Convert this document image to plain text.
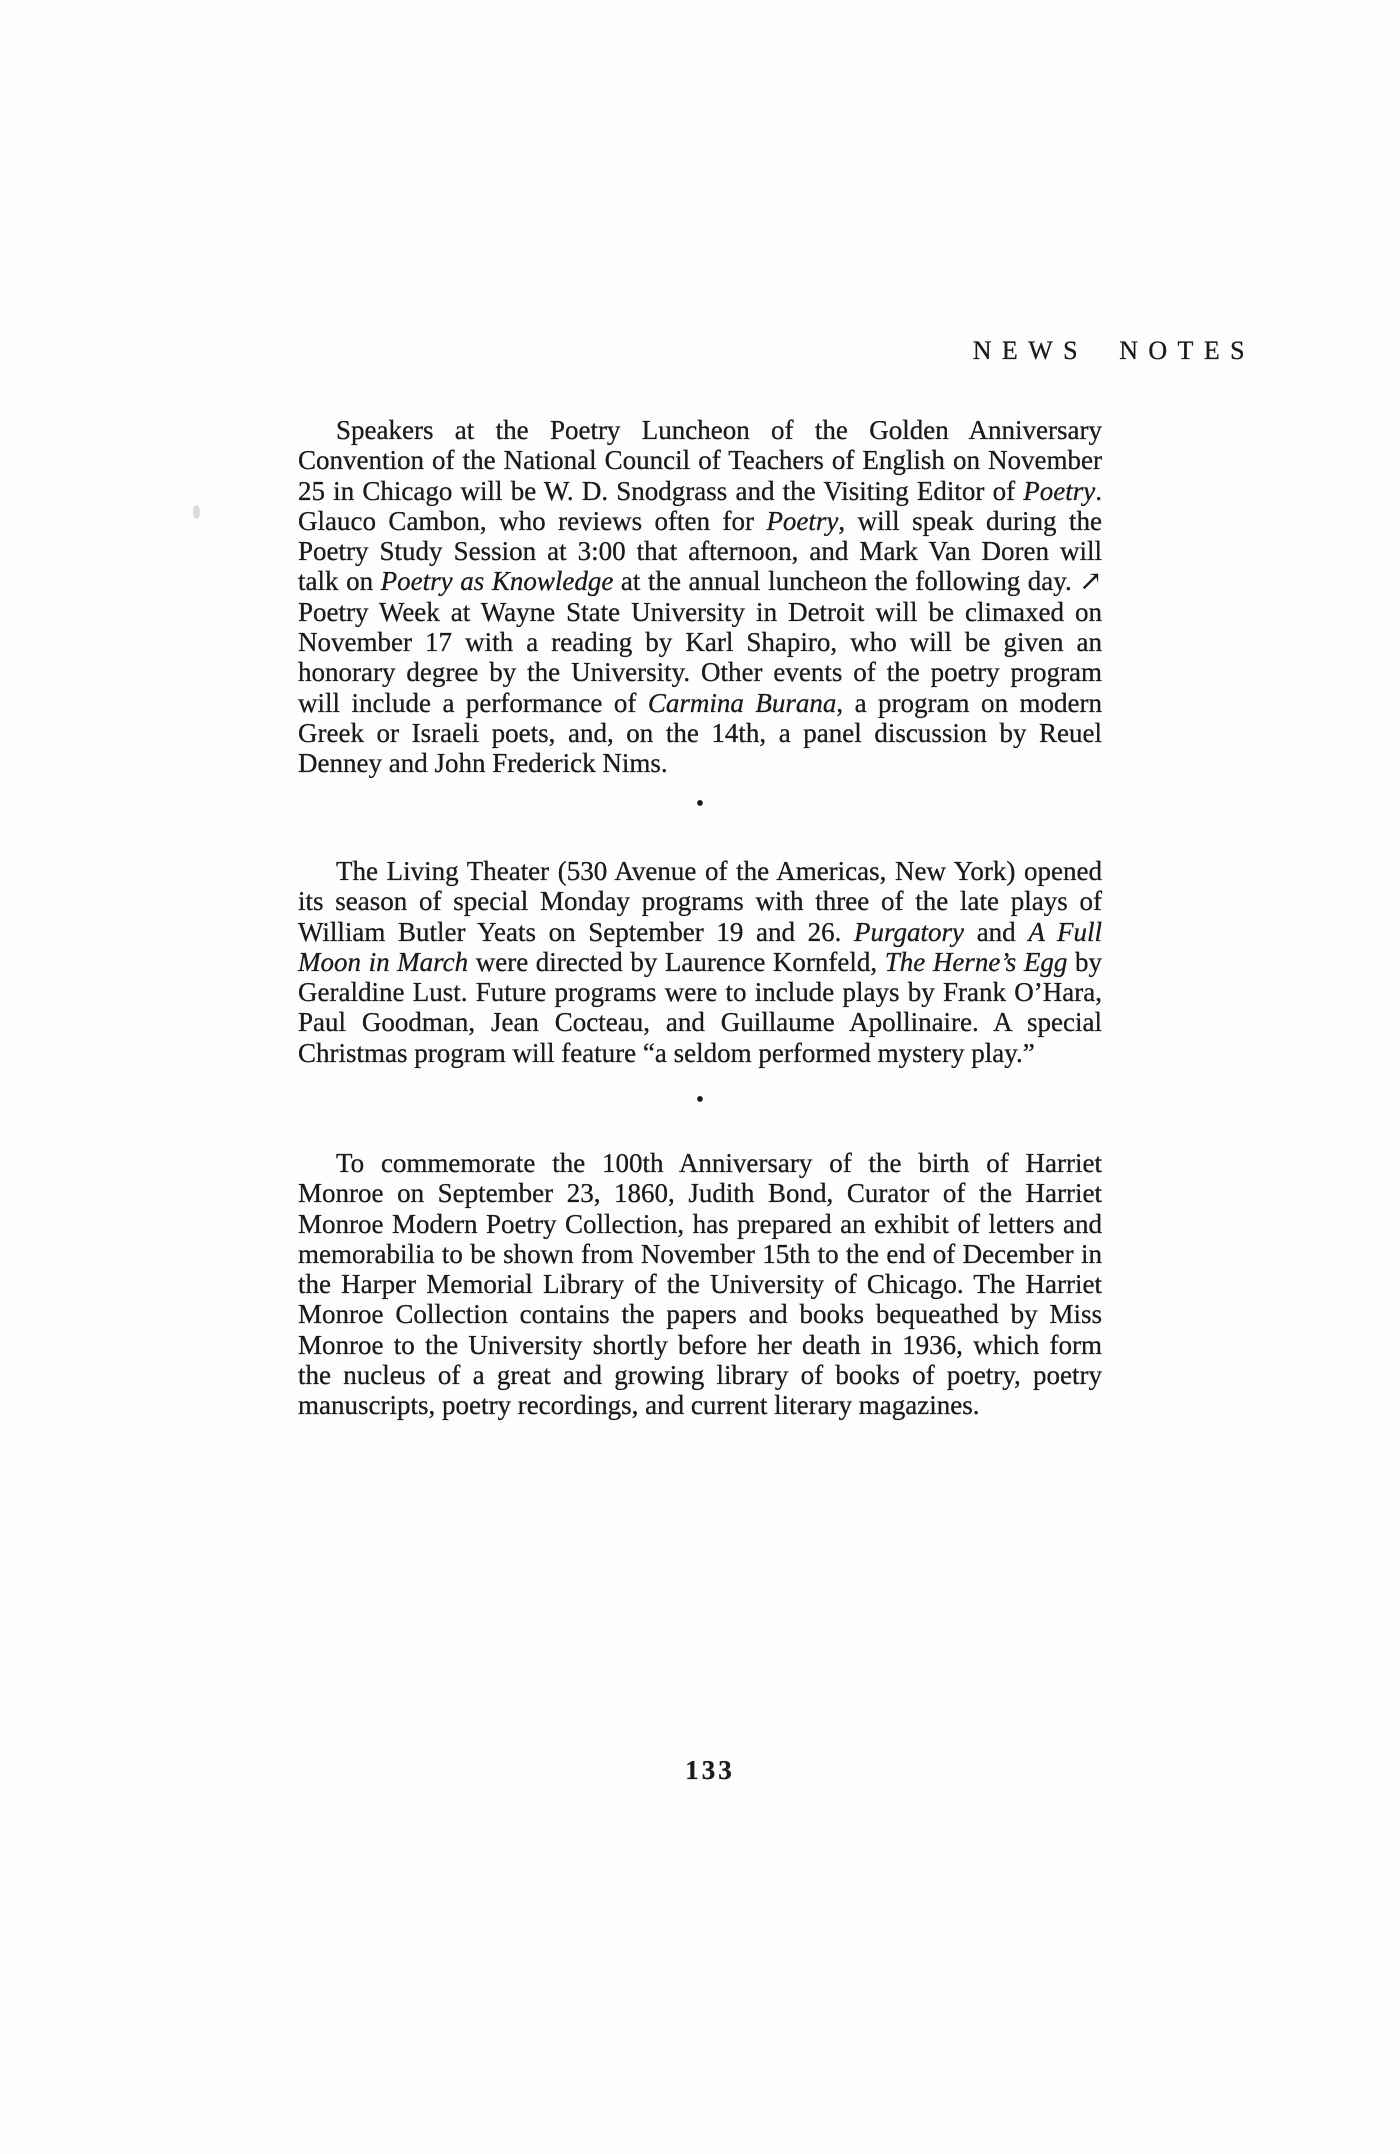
NEWS NOTES

Speakers at the Poetry Luncheon of the Golden Anniversary Convention of the National Council of Teachers of English on November 25 in Chicago will be W. D. Snodgrass and the Visiting Editor of Poetry. Glauco Cambon, who reviews often for Poetry, will speak during the Poetry Study Session at 3:00 that afternoon, and Mark Van Doren will talk on Poetry as Knowledge at the annual luncheon the following day. ↗ Poetry Week at Wayne State University in Detroit will be climaxed on November 17 with a reading by Karl Shapiro, who will be given an honorary degree by the University. Other events of the poetry program will include a performance of Carmina Burana, a program on modern Greek or Israeli poets, and, on the 14th, a panel discussion by Reuel Denney and John Frederick Nims.

•

The Living Theater (530 Avenue of the Americas, New York) opened its season of special Monday programs with three of the late plays of William Butler Yeats on September 19 and 26. Purgatory and A Full Moon in March were directed by Laurence Kornfeld, The Herne’s Egg by Geraldine Lust. Future programs were to include plays by Frank O’Hara, Paul Goodman, Jean Cocteau, and Guillaume Apollinaire. A special Christmas program will feature “a seldom performed mystery play.”

•

To commemorate the 100th Anniversary of the birth of Harriet Monroe on September 23, 1860, Judith Bond, Curator of the Harriet Monroe Modern Poetry Collection, has prepared an exhibit of letters and memorabilia to be shown from November 15th to the end of December in the Harper Memorial Library of the University of Chicago. The Harriet Monroe Collection contains the papers and books bequeathed by Miss Monroe to the University shortly before her death in 1936, which form the nucleus of a great and growing library of books of poetry, poetry manuscripts, poetry recordings, and current literary magazines.

133
